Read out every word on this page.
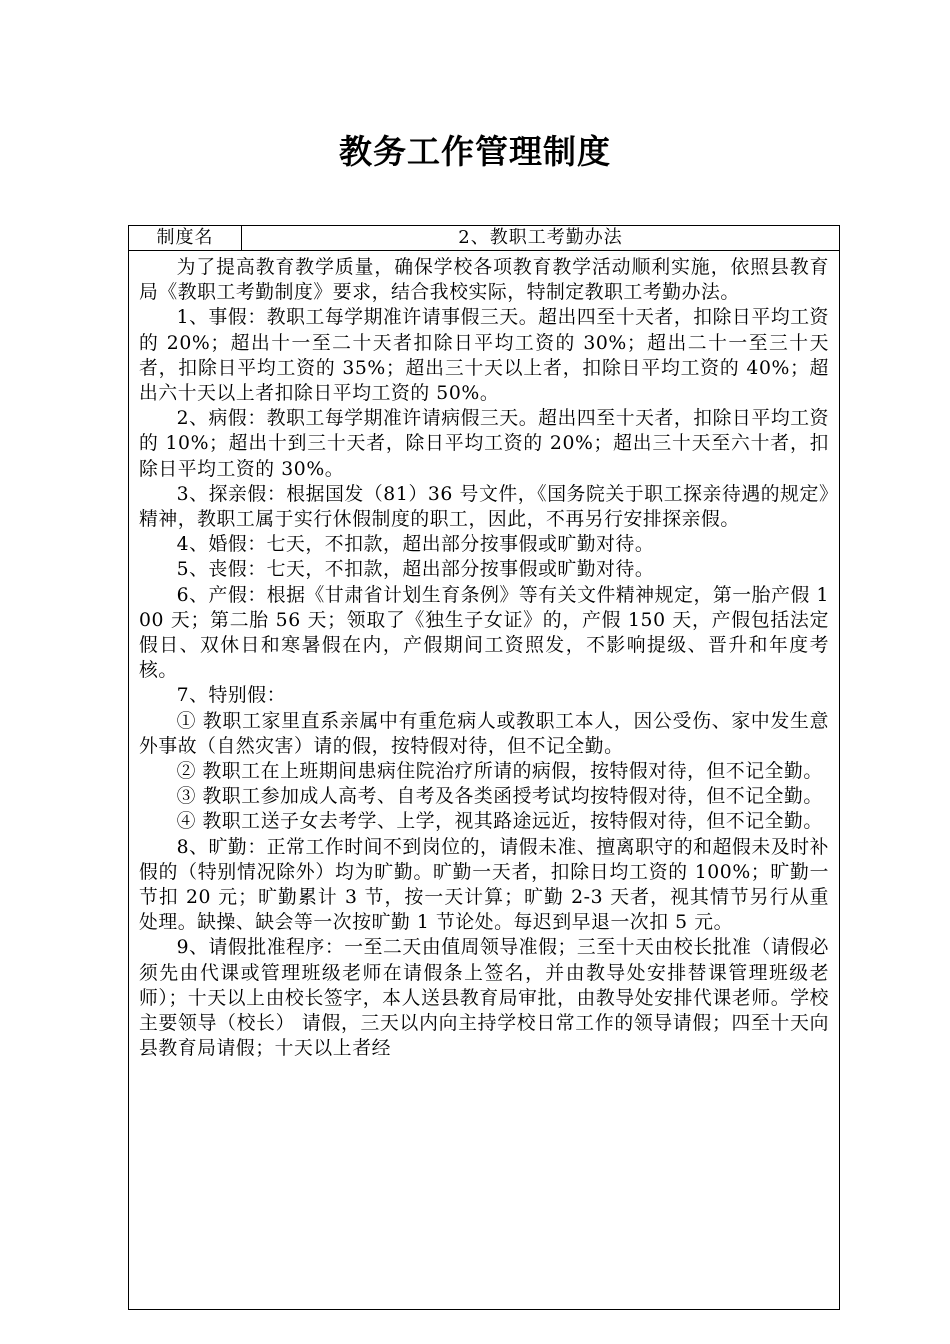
教务工作管理制度
制度名	2、教职工考勤办法

为了提高教育教学质量，确保学校各项教育教学活动顺利实施，依照县教育局《教职工考勤制度》要求，结合我校实际，特制定教职工考勤办法。

1、事假：教职工每学期准许请事假三天。超出四至十天者，扣除日平均工资的 20%；超出十一至二十天者扣除日平均工资的 30%；超出二十一至三十天者，扣除日平均工资的 35%；超出三十天以上者，扣除日平均工资的 40%；超出六十天以上者扣除日平均工资的 50%。

2、病假：教职工每学期准许请病假三天。超出四至十天者，扣除日平均工资的 10%；超出十到三十天者，除日平均工资的 20%；超出三十天至六十者，扣除日平均工资的 30%。

3、探亲假：根据国发（81）36 号文件，《国务院关于职工探亲待遇的规定》精神，教职工属于实行休假制度的职工，因此，不再另行安排探亲假。

4、婚假：七天，不扣款，超出部分按事假或旷勤对待。

5、丧假：七天，不扣款，超出部分按事假或旷勤对待。

6、产假：根据《甘肃省计划生育条例》等有关文件精神规定，第一胎产假 100 天；第二胎 56 天；领取了《独生子女证》的，产假 150 天，产假包括法定假日、双休日和寒暑假在内，产假期间工资照发，不影响提级、晋升和年度考核。

7、特别假：

① 教职工家里直系亲属中有重危病人或教职工本人，因公受伤、家中发生意外事故（自然灾害）请的假，按特假对待，但不记全勤。

② 教职工在上班期间患病住院治疗所请的病假，按特假对待，但不记全勤。

③ 教职工参加成人高考、自考及各类函授考试均按特假对待，但不记全勤。

④ 教职工送子女去考学、上学，视其路途远近，按特假对待，但不记全勤。

8、旷勤：正常工作时间不到岗位的，请假未准、擅离职守的和超假未及时补假的（特别情况除外）均为旷勤。旷勤一天者，扣除日均工资的 100%；旷勤一节扣 20 元；旷勤累计 3 节，按一天计算；旷勤 2-3 天者，视其情节另行从重处理。缺操、缺会等一次按旷勤 1 节论处。每迟到早退一次扣 5 元。

9、请假批准程序：一至二天由值周领导准假；三至十天由校长批准（请假必须先由代课或管理班级老师在请假条上签名，并由教导处安排替课管理班级老师）；十天以上由校长签字，本人送县教育局审批，由教导处安排代课老师。学校主要领导（校长） 请假，三天以内向主持学校日常工作的领导请假；四至十天向县教育局请假；十天以上者经
